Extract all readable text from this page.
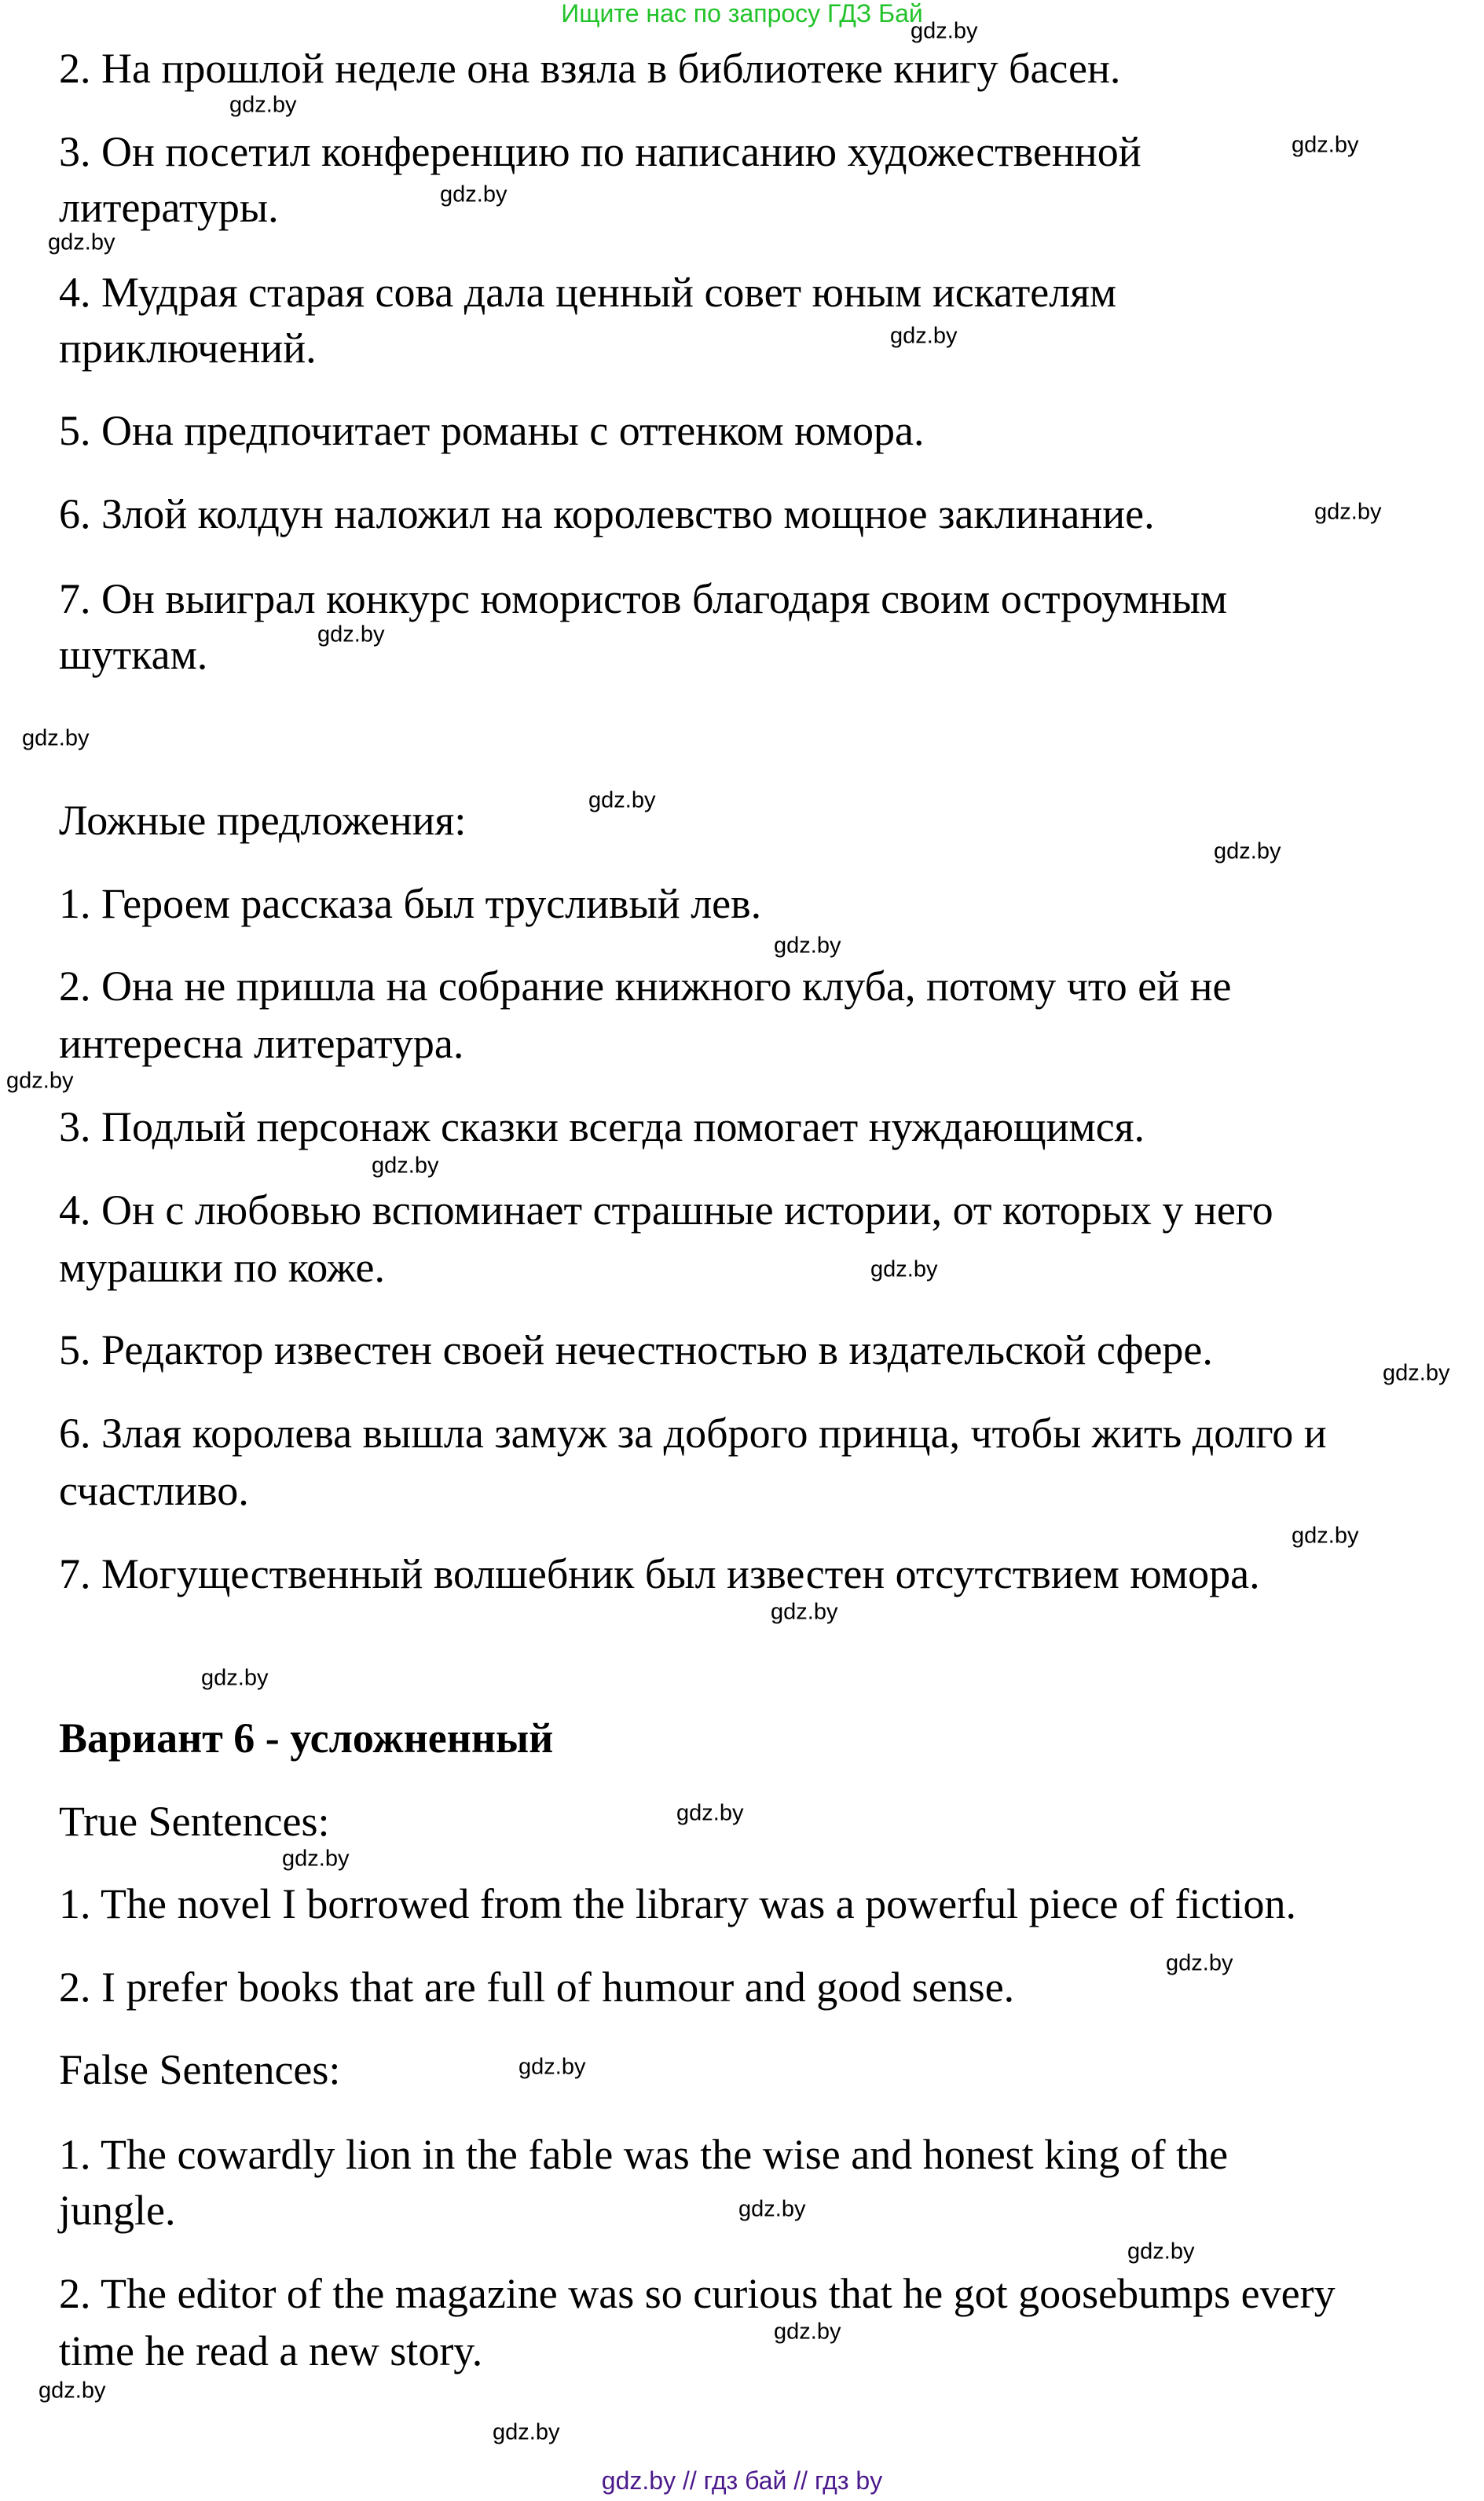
Ищите нас по запросу ГДЗ Бай
2. На прошлой неделе она взяла в библиотеке книгу басен.
3. Он посетил конференцию по написанию художественной
литературы.
4. Мудрая старая сова дала ценный совет юным искателям
приключений.
5. Она предпочитает романы с оттенком юмора.
6. Злой колдун наложил на королевство мощное заклинание.
7. Он выиграл конкурс юмористов благодаря своим остроумным
шуткам.
Ложные предложения:
1. Героем рассказа был трусливый лев.
2. Она не пришла на собрание книжного клуба, потому что ей не
интересна литература.
3. Подлый персонаж сказки всегда помогает нуждающимся.
4. Он с любовью вспоминает страшные истории, от которых у него
мурашки по коже.
5. Редактор известен своей нечестностью в издательской сфере.
6. Злая королева вышла замуж за доброго принца, чтобы жить долго и
счастливо.
7. Могущественный волшебник был известен отсутствием юмора.
Вариант 6 - усложненный
True Sentences:
1. The novel I borrowed from the library was a powerful piece of fiction.
2. I prefer books that are full of humour and good sense.
False Sentences:
1. The cowardly lion in the fable was the wise and honest king of the
jungle.
2. The editor of the magazine was so curious that he got goosebumps every
time he read a new story.
gdz.by
gdz.by
gdz.by
gdz.by
gdz.by
gdz.by
gdz.by
gdz.by
gdz.by
gdz.by
gdz.by
gdz.by
gdz.by
gdz.by
gdz.by
gdz.by
gdz.by
gdz.by
gdz.by
gdz.by
gdz.by
gdz.by
gdz.by
gdz.by
gdz.by
gdz.by
gdz.by
gdz.by
gdz.by // гдз бай // гдз by
